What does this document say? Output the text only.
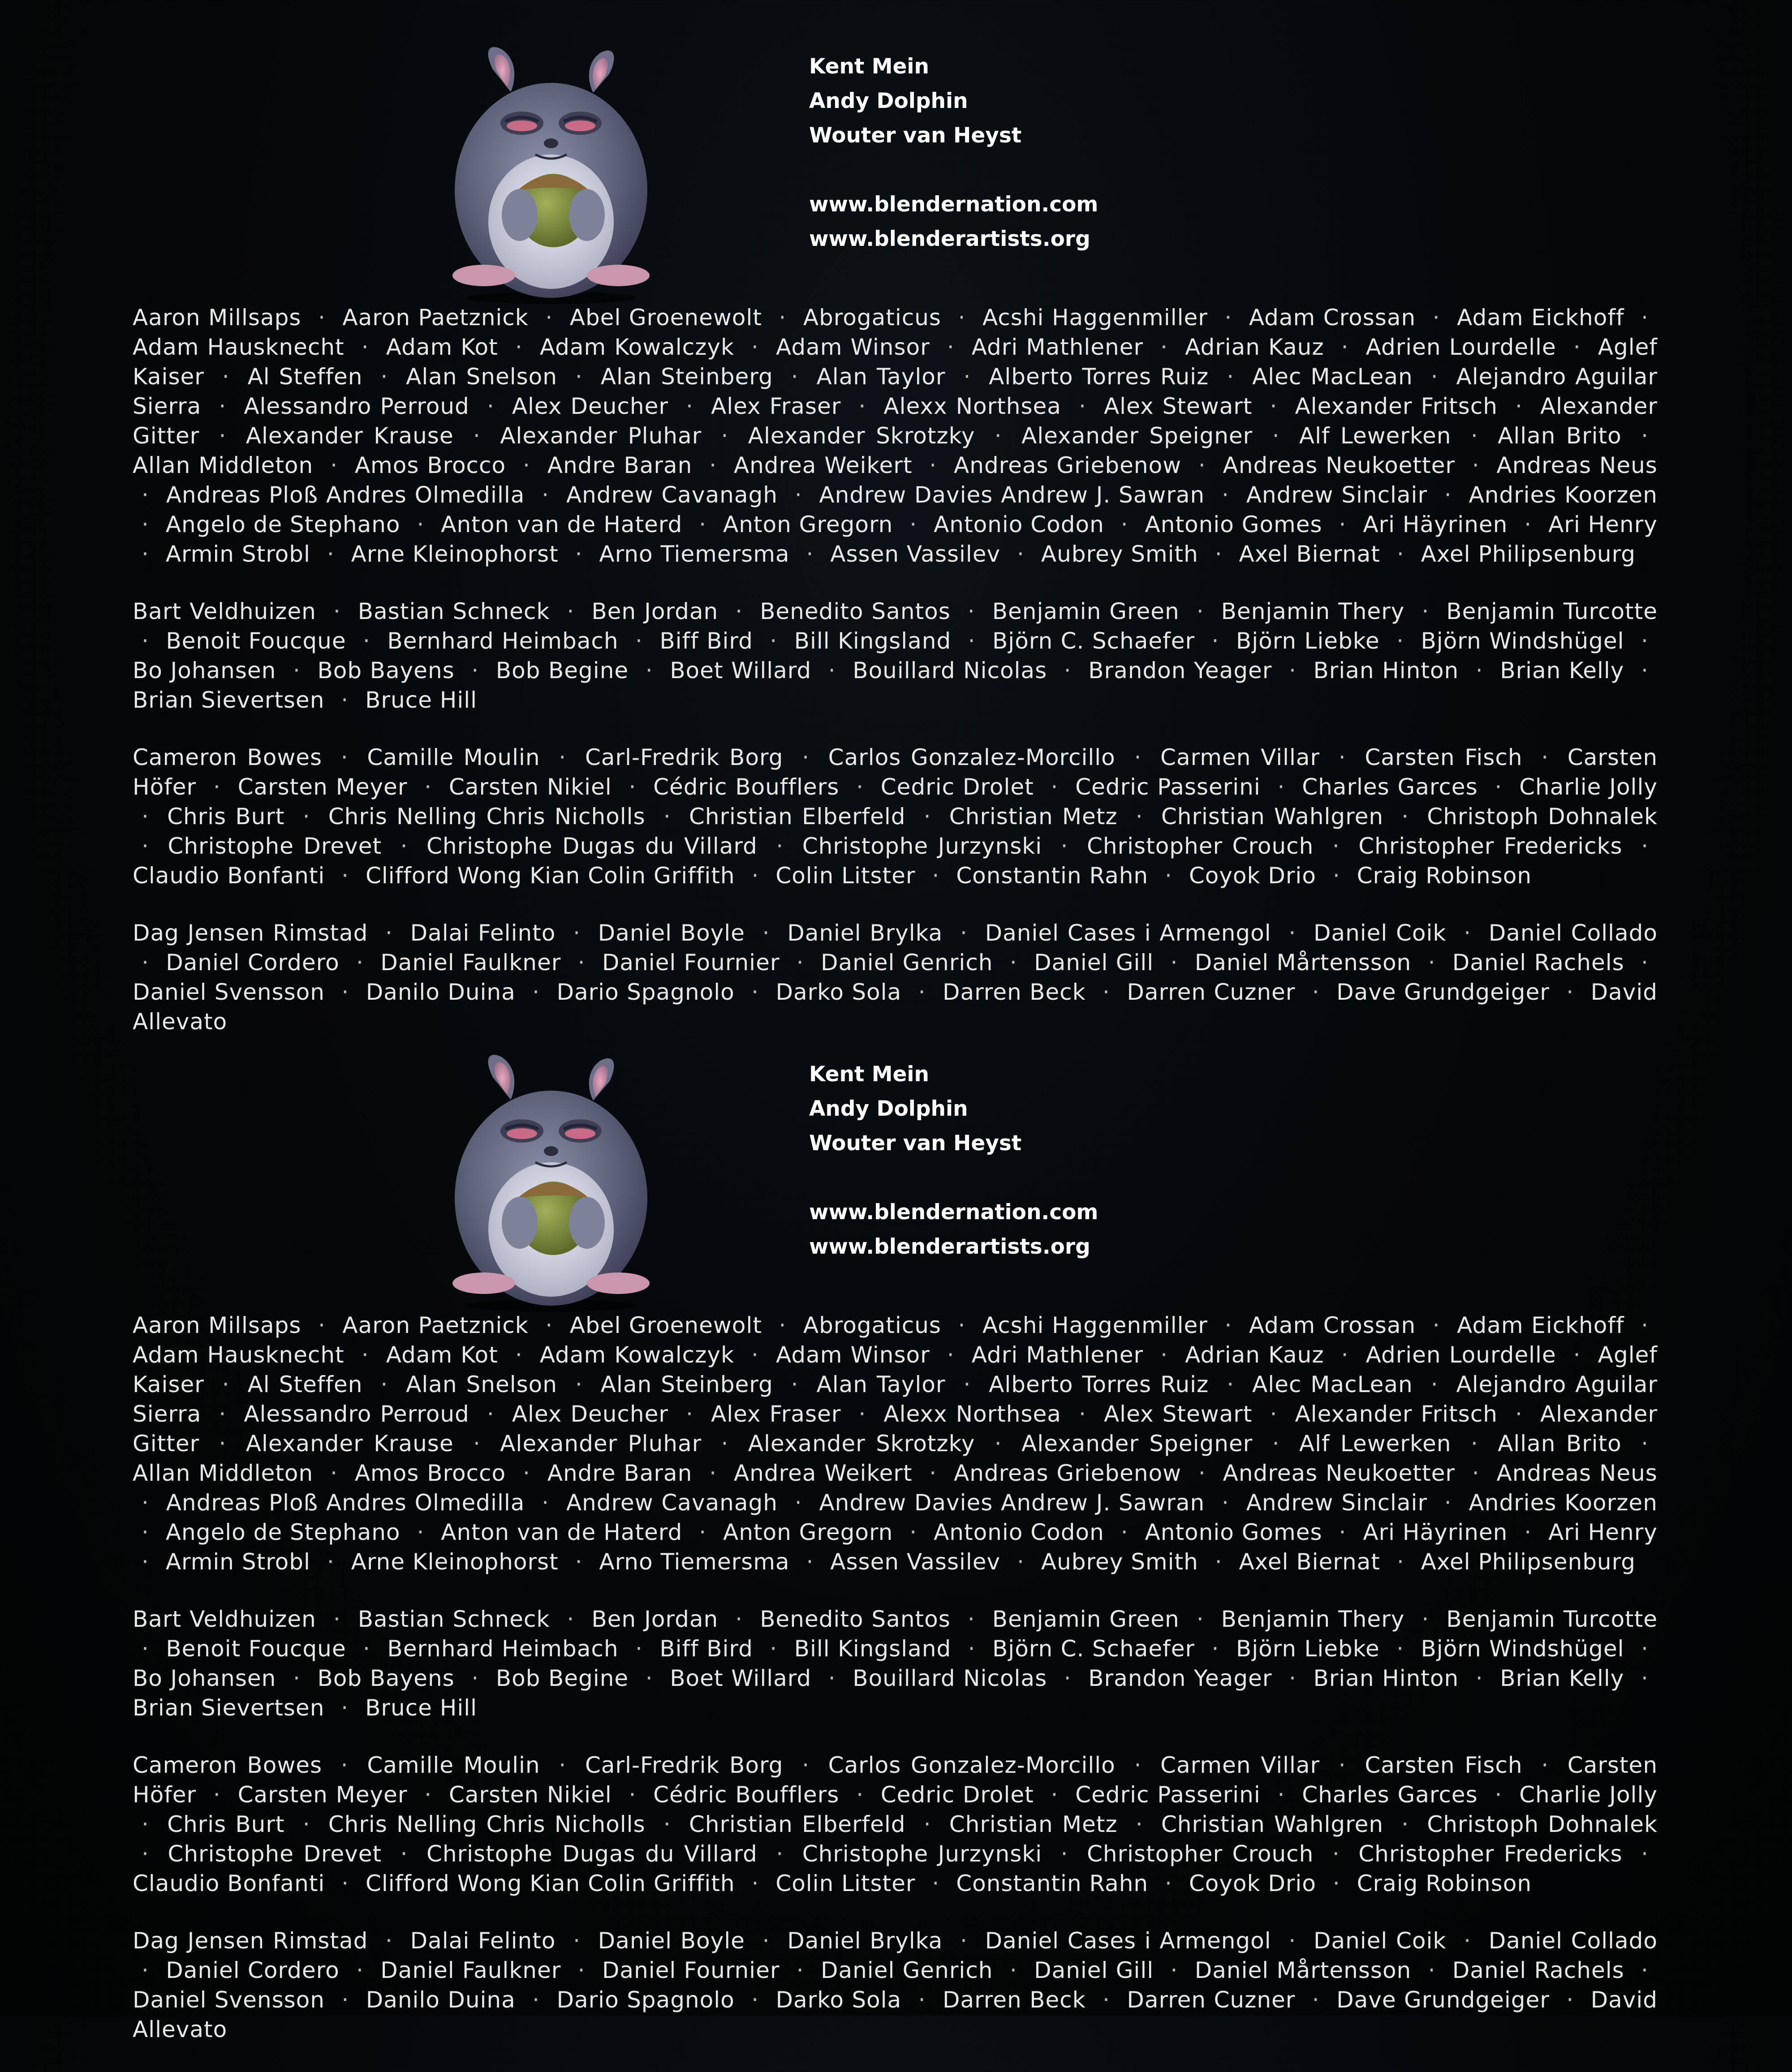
Kent Mein
Andy Dolphin
Wouter van Heyst
www.blendernation.com
www.blenderartists.org
Aaron Millsaps · Aaron Paetznick · Abel Groenewolt · Abrogaticus · Acshi Haggenmiller · Adam Crossan · Adam Eickhoff · Adam Hausknecht · Adam Kot · Adam Kowalczyk · Adam Winsor · Adri Mathlener · Adrian Kauz · Adrien Lourdelle · Aglef Kaiser · Al Steffen · Alan Snelson · Alan Steinberg · Alan Taylor · Alberto Torres Ruiz · Alec MacLean · Alejandro Aguilar Sierra · Alessandro Perroud · Alex Deucher · Alex Fraser · Alexx Northsea · Alex Stewart · Alexander Fritsch · Alexander Gitter · Alexander Krause · Alexander Pluhar · Alexander Skrotzky · Alexander Speigner · Alf Lewerken · Allan Brito · Allan Middleton · Amos Brocco · Andre Baran · Andrea Weikert · Andreas Griebenow · Andreas Neukoetter · Andreas Neus · Andreas Ploß Andres Olmedilla · Andrew Cavanagh · Andrew Davies Andrew J. Sawran · Andrew Sinclair · Andries Koorzen · Angelo de Stephano · Anton van de Haterd · Anton Gregorn · Antonio Codon · Antonio Gomes · Ari Häyrinen · Ari Henry · Armin Strobl · Arne Kleinophorst · Arno Tiemersma · Assen Vassilev · Aubrey Smith · Axel Biernat · Axel Philipsenburg
Bart Veldhuizen · Bastian Schneck · Ben Jordan · Benedito Santos · Benjamin Green · Benjamin Thery · Benjamin Turcotte · Benoit Foucque · Bernhard Heimbach · Biff Bird · Bill Kingsland · Björn C. Schaefer · Björn Liebke · Björn Windshügel · Bo Johansen · Bob Bayens · Bob Begine · Boet Willard · Bouillard Nicolas · Brandon Yeager · Brian Hinton · Brian Kelly · Brian Sievertsen · Bruce Hill
Cameron Bowes · Camille Moulin · Carl-Fredrik Borg · Carlos Gonzalez-Morcillo · Carmen Villar · Carsten Fisch · Carsten Höfer · Carsten Meyer · Carsten Nikiel · Cédric Boufflers · Cedric Drolet · Cedric Passerini · Charles Garces · Charlie Jolly · Chris Burt · Chris Nelling Chris Nicholls · Christian Elberfeld · Christian Metz · Christian Wahlgren · Christoph Dohnalek · Christophe Drevet · Christophe Dugas du Villard · Christophe Jurzynski · Christopher Crouch · Christopher Fredericks · Claudio Bonfanti · Clifford Wong Kian Colin Griffith · Colin Litster · Constantin Rahn · Coyok Drio · Craig Robinson
Dag Jensen Rimstad · Dalai Felinto · Daniel Boyle · Daniel Brylka · Daniel Cases i Armengol · Daniel Coik · Daniel Collado · Daniel Cordero · Daniel Faulkner · Daniel Fournier · Daniel Genrich · Daniel Gill · Daniel Mårtensson · Daniel Rachels · Daniel Svensson · Danilo Duina · Dario Spagnolo · Darko Sola · Darren Beck · Darren Cuzner · Dave Grundgeiger · David Allevato
Kent Mein
Andy Dolphin
Wouter van Heyst
www.blendernation.com
www.blenderartists.org
Aaron Millsaps · Aaron Paetznick · Abel Groenewolt · Abrogaticus · Acshi Haggenmiller · Adam Crossan · Adam Eickhoff · Adam Hausknecht · Adam Kot · Adam Kowalczyk · Adam Winsor · Adri Mathlener · Adrian Kauz · Adrien Lourdelle · Aglef Kaiser · Al Steffen · Alan Snelson · Alan Steinberg · Alan Taylor · Alberto Torres Ruiz · Alec MacLean · Alejandro Aguilar Sierra · Alessandro Perroud · Alex Deucher · Alex Fraser · Alexx Northsea · Alex Stewart · Alexander Fritsch · Alexander Gitter · Alexander Krause · Alexander Pluhar · Alexander Skrotzky · Alexander Speigner · Alf Lewerken · Allan Brito · Allan Middleton · Amos Brocco · Andre Baran · Andrea Weikert · Andreas Griebenow · Andreas Neukoetter · Andreas Neus · Andreas Ploß Andres Olmedilla · Andrew Cavanagh · Andrew Davies Andrew J. Sawran · Andrew Sinclair · Andries Koorzen · Angelo de Stephano · Anton van de Haterd · Anton Gregorn · Antonio Codon · Antonio Gomes · Ari Häyrinen · Ari Henry · Armin Strobl · Arne Kleinophorst · Arno Tiemersma · Assen Vassilev · Aubrey Smith · Axel Biernat · Axel Philipsenburg
Bart Veldhuizen · Bastian Schneck · Ben Jordan · Benedito Santos · Benjamin Green · Benjamin Thery · Benjamin Turcotte · Benoit Foucque · Bernhard Heimbach · Biff Bird · Bill Kingsland · Björn C. Schaefer · Björn Liebke · Björn Windshügel · Bo Johansen · Bob Bayens · Bob Begine · Boet Willard · Bouillard Nicolas · Brandon Yeager · Brian Hinton · Brian Kelly · Brian Sievertsen · Bruce Hill
Cameron Bowes · Camille Moulin · Carl-Fredrik Borg · Carlos Gonzalez-Morcillo · Carmen Villar · Carsten Fisch · Carsten Höfer · Carsten Meyer · Carsten Nikiel · Cédric Boufflers · Cedric Drolet · Cedric Passerini · Charles Garces · Charlie Jolly · Chris Burt · Chris Nelling Chris Nicholls · Christian Elberfeld · Christian Metz · Christian Wahlgren · Christoph Dohnalek · Christophe Drevet · Christophe Dugas du Villard · Christophe Jurzynski · Christopher Crouch · Christopher Fredericks · Claudio Bonfanti · Clifford Wong Kian Colin Griffith · Colin Litster · Constantin Rahn · Coyok Drio · Craig Robinson
Dag Jensen Rimstad · Dalai Felinto · Daniel Boyle · Daniel Brylka · Daniel Cases i Armengol · Daniel Coik · Daniel Collado · Daniel Cordero · Daniel Faulkner · Daniel Fournier · Daniel Genrich · Daniel Gill · Daniel Mårtensson · Daniel Rachels · Daniel Svensson · Danilo Duina · Dario Spagnolo · Darko Sola · Darren Beck · Darren Cuzner · Dave Grundgeiger · David Allevato
